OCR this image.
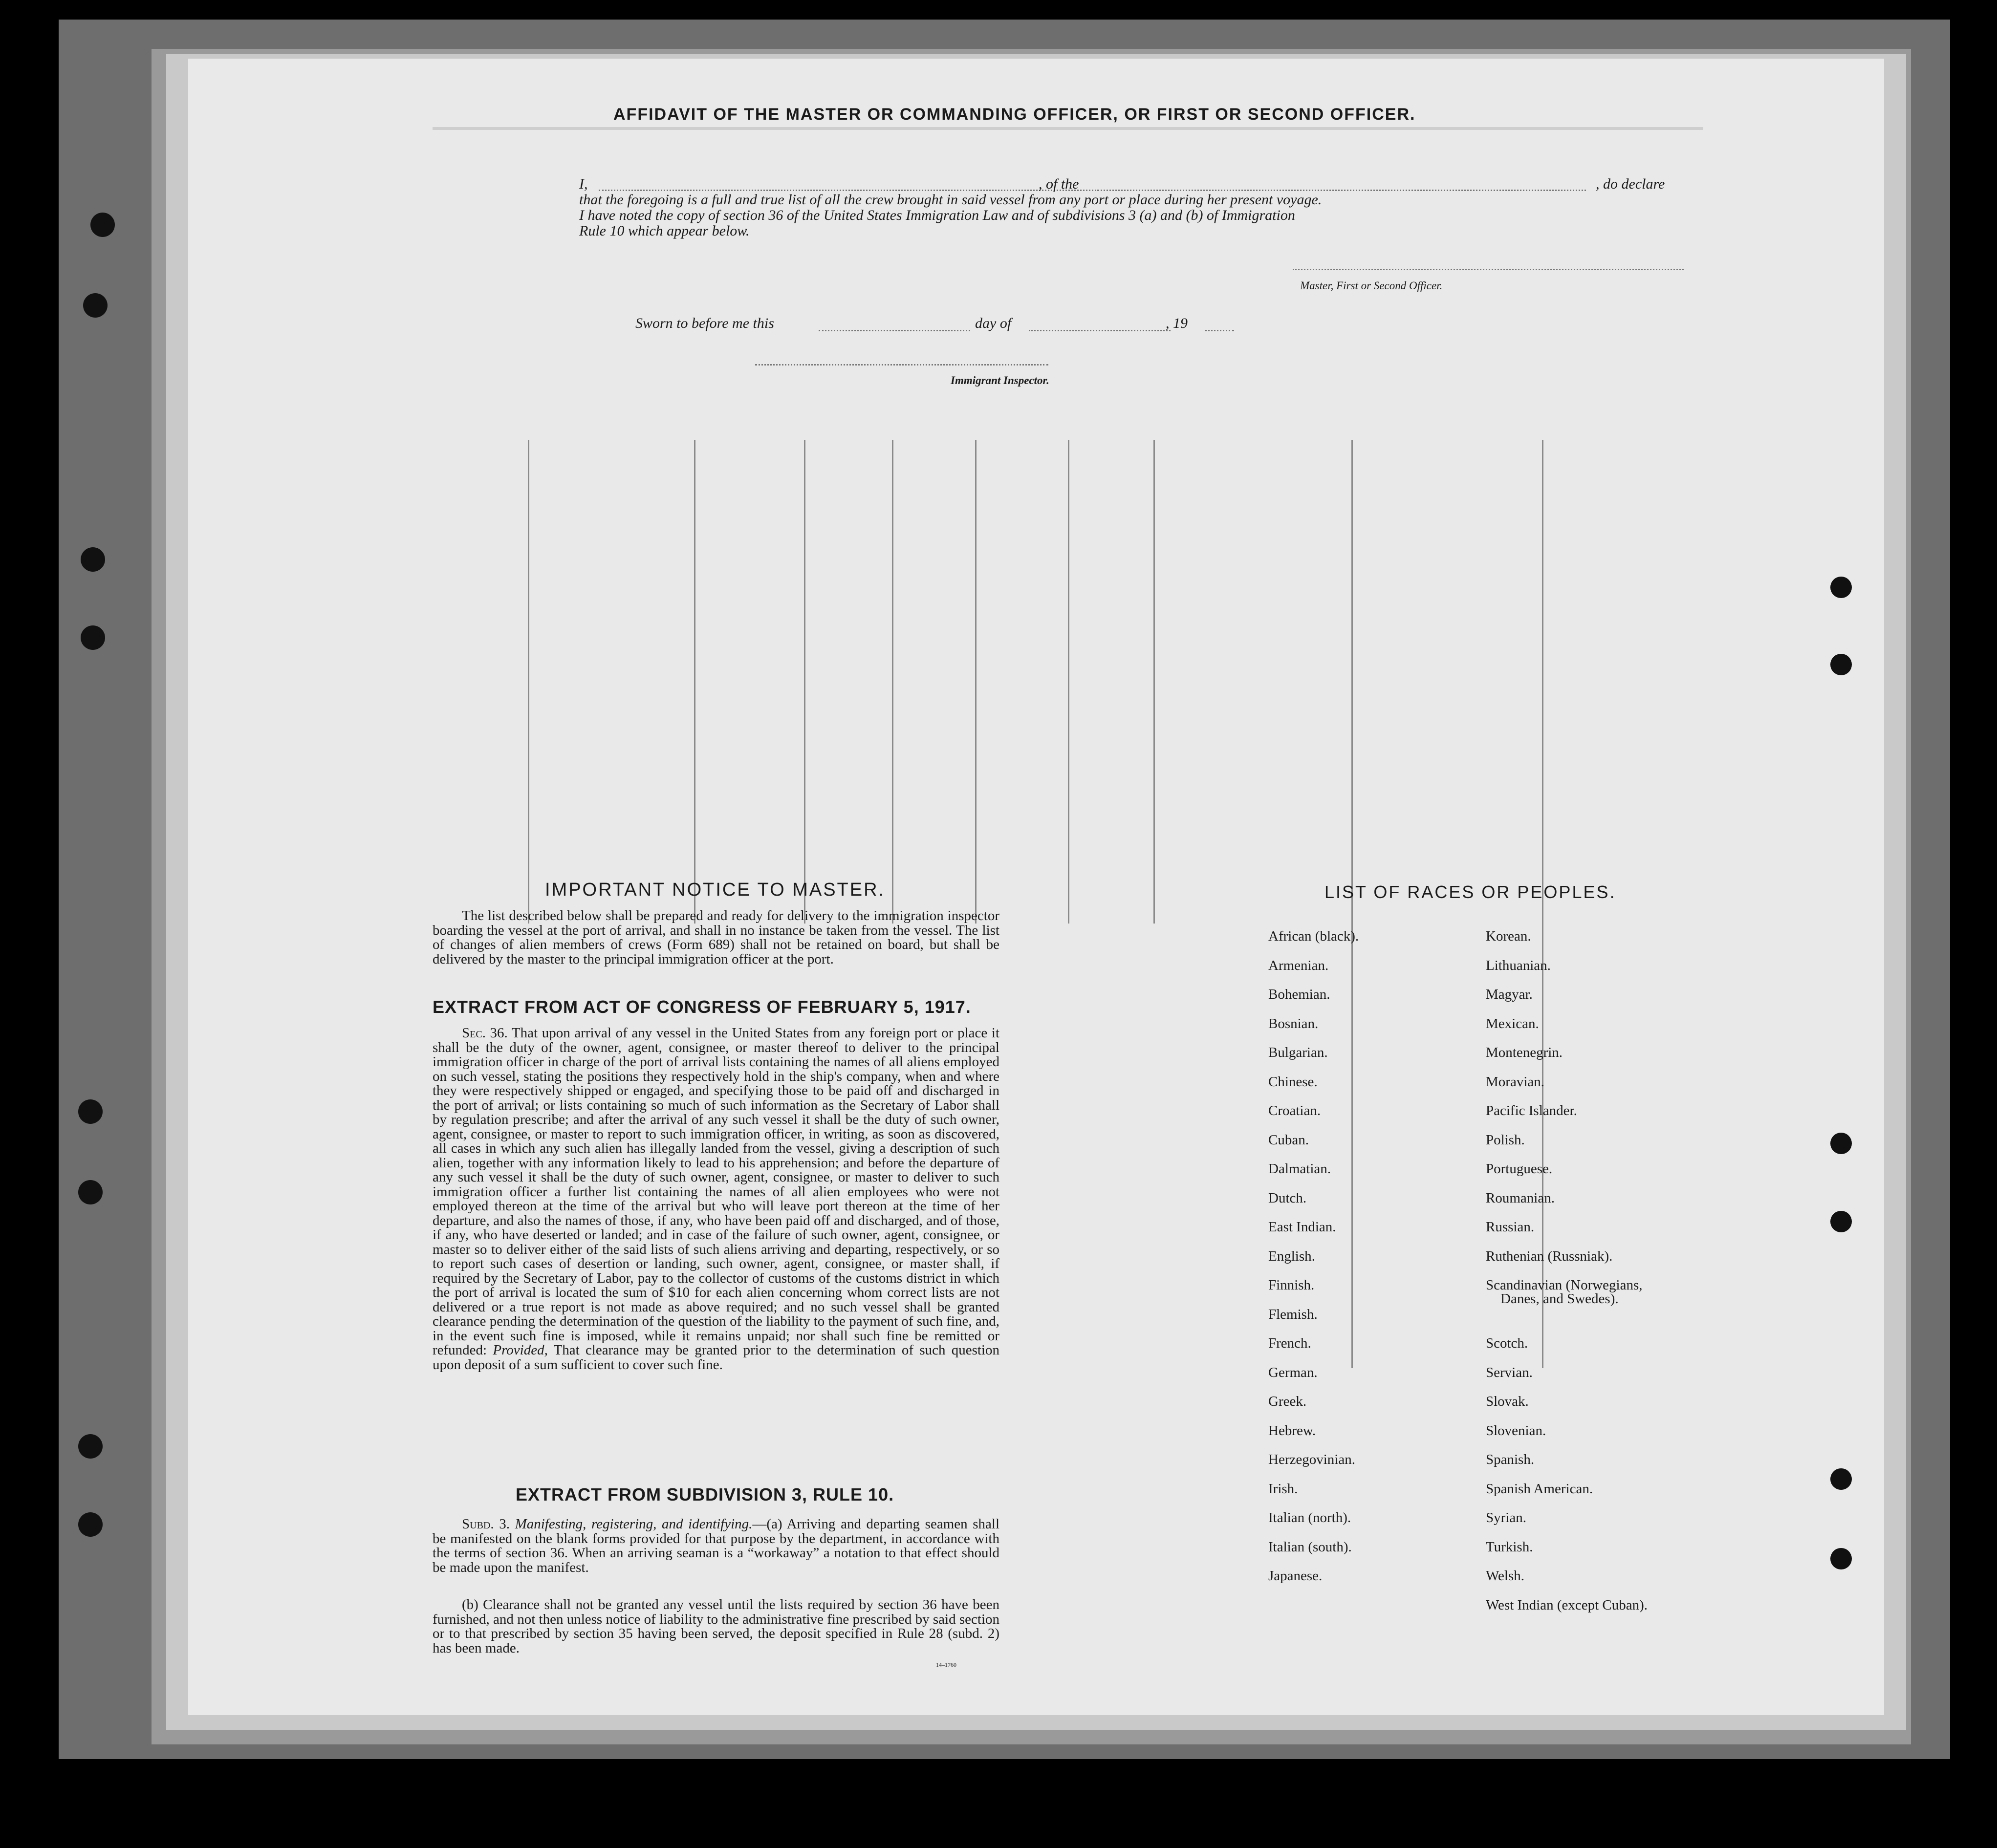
AFFIDAVIT OF THE MASTER OR COMMANDING OFFICER, OR FIRST OR SECOND OFFICER.
I,	, of the	, do declare
that the foregoing is a full and true list of all the crew brought in said vessel from any port or place during her present voyage.
I have noted the copy of section 36 of the United States Immigration Law and of subdivisions 3 (a) and (b) of Immigration
Rule 10 which appear below.
Master, First or Second Officer.
Sworn to before me this	day of	, 19
Immigrant Inspector.
IMPORTANT NOTICE TO MASTER.
The list described below shall be prepared and ready for delivery to the immigration inspector boarding the vessel at the port of arrival, and shall in no instance be taken from the vessel. The list of changes of alien members of crews (Form 689) shall not be retained on board, but shall be delivered by the master to the principal immigration officer at the port.
EXTRACT FROM ACT OF CONGRESS OF FEBRUARY 5, 1917.
Sec. 36. That upon arrival of any vessel in the United States from any foreign port or place it shall be the duty of the owner, agent, consignee, or master thereof to deliver to the principal immigration officer in charge of the port of arrival lists containing the names of all aliens employed on such vessel, stating the positions they respectively hold in the ship's company, when and where they were respectively shipped or engaged, and specifying those to be paid off and discharged in the port of arrival; or lists containing so much of such information as the Secretary of Labor shall by regulation prescribe; and after the arrival of any such vessel it shall be the duty of such owner, agent, consignee, or master to report to such immigration officer, in writing, as soon as discovered, all cases in which any such alien has illegally landed from the vessel, giving a description of such alien, together with any information likely to lead to his apprehension; and before the departure of any such vessel it shall be the duty of such owner, agent, consignee, or master to deliver to such immigration officer a further list containing the names of all alien employees who were not employed thereon at the time of the arrival but who will leave port thereon at the time of her departure, and also the names of those, if any, who have been paid off and discharged, and of those, if any, who have deserted or landed; and in case of the failure of such owner, agent, consignee, or master so to deliver either of the said lists of such aliens arriving and departing, respectively, or so to report such cases of desertion or landing, such owner, agent, consignee, or master shall, if required by the Secretary of Labor, pay to the collector of customs of the customs district in which the port of arrival is located the sum of $10 for each alien concerning whom correct lists are not delivered or a true report is not made as above required; and no such vessel shall be granted clearance pending the determination of the question of the liability to the payment of such fine, and, in the event such fine is imposed, while it remains unpaid; nor shall such fine be remitted or refunded: Provided, That clearance may be granted prior to the determination of such question upon deposit of a sum sufficient to cover such fine.
EXTRACT FROM SUBDIVISION 3, RULE 10.
Subd. 3. Manifesting, registering, and identifying.—(a) Arriving and departing seamen shall be manifested on the blank forms provided for that purpose by the department, in accordance with the terms of section 36. When an arriving seaman is a “workaway” a notation to that effect should be made upon the manifest.
(b) Clearance shall not be granted any vessel until the lists required by section 36 have been furnished, and not then unless notice of liability to the administrative fine prescribed by said section or to that prescribed by section 35 having been served, the deposit specified in Rule 28 (subd. 2) has been made.
14–1760
LIST OF RACES OR PEOPLES.
African (black).
Armenian.
Bohemian.
Bosnian.
Bulgarian.
Chinese.
Croatian.
Cuban.
Dalmatian.
Dutch.
East Indian.
English.
Finnish.
Flemish.
French.
German.
Greek.
Hebrew.
Herzegovinian.
Irish.
Italian (north).
Italian (south).
Japanese.
Korean.
Lithuanian.
Magyar.
Mexican.
Montenegrin.
Moravian.
Pacific Islander.
Polish.
Portuguese.
Roumanian.
Russian.
Ruthenian (Russniak).
Scandinavian (Norwegians,
Danes, and Swedes).
Scotch.
Servian.
Slovak.
Slovenian.
Spanish.
Spanish American.
Syrian.
Turkish.
Welsh.
West Indian (except Cuban).
